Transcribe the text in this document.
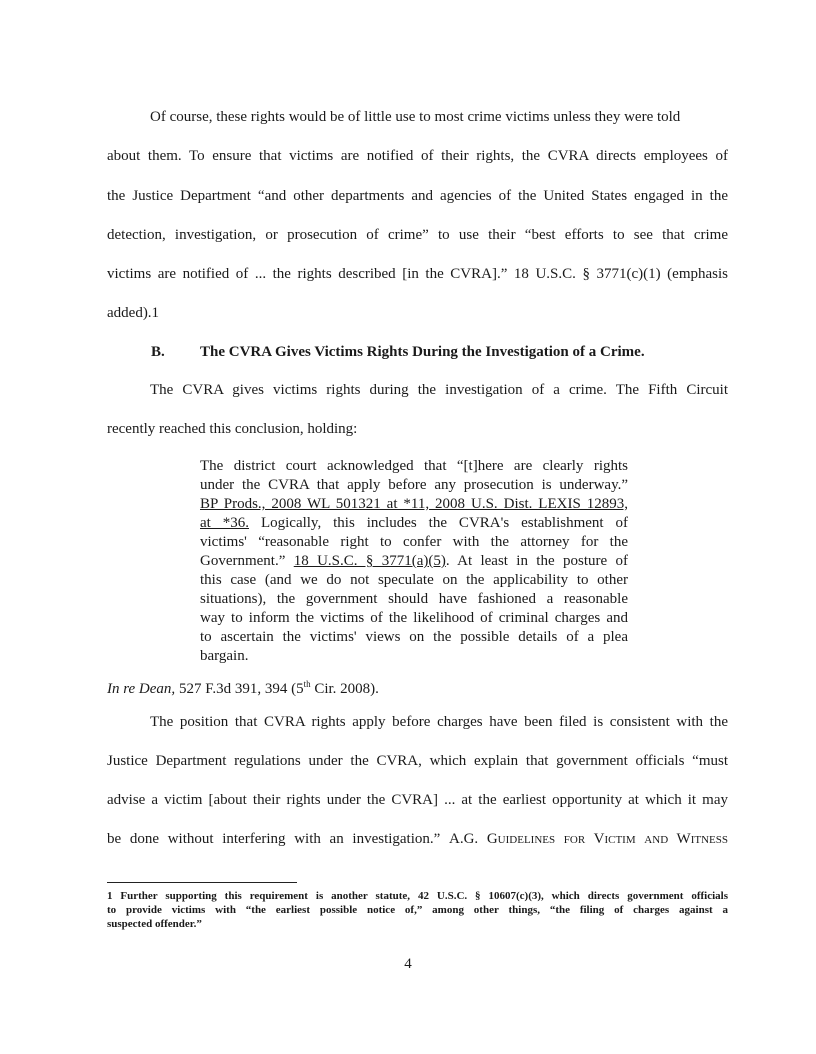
Of course, these rights would be of little use to most crime victims unless they were told
about them. To ensure that victims are notified of their rights, the CVRA directs employees of
the Justice Department “and other departments and agencies of the United States engaged in the
detection, investigation, or prosecution of crime” to use their “best efforts to see that crime
victims are notified of ... the rights described [in the CVRA].” 18 U.S.C. § 3771(c)(1) (emphasis
added).1
B. The CVRA Gives Victims Rights During the Investigation of a Crime.
The CVRA gives victims rights during the investigation of a crime. The Fifth Circuit
recently reached this conclusion, holding:
The district court acknowledged that “[t]here are clearly rights
under the CVRA that apply before any prosecution is underway.”
BP Prods., 2008 WL 501321 at *11, 2008 U.S. Dist. LEXIS 12893,
at *36. Logically, this includes the CVRA's establishment of
victims' “reasonable right to confer with the attorney for the
Government.” 18 U.S.C. § 3771(a)(5). At least in the posture of
this case (and we do not speculate on the applicability to other
situations), the government should have fashioned a reasonable
way to inform the victims of the likelihood of criminal charges and
to ascertain the victims' views on the possible details of a plea
bargain.
In re Dean, 527 F.3d 391, 394 (5th Cir. 2008).
The position that CVRA rights apply before charges have been filed is consistent with the
Justice Department regulations under the CVRA, which explain that government officials “must
advise a victim [about their rights under the CVRA] ... at the earliest opportunity at which it may
be done without interfering with an investigation.” A.G. Guidelines for Victim and Witness
1 Further supporting this requirement is another statute, 42 U.S.C. § 10607(c)(3), which directs government officials
to provide victims with “the earliest possible notice of,” among other things, “the filing of charges against a
suspected offender.”
4
